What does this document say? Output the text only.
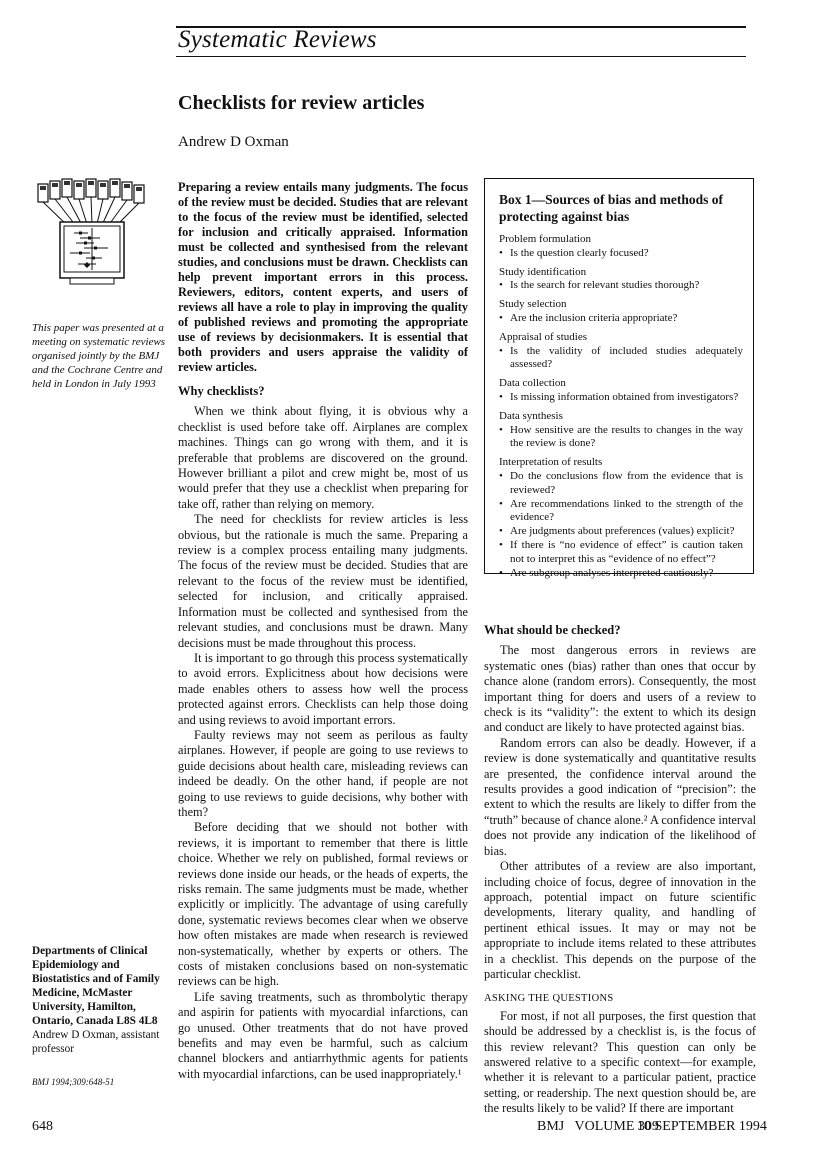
Systematic Reviews
Checklists for review articles
Andrew D Oxman
This paper was presented at a meeting on systematic reviews organised jointly by the BMJ and the Cochrane Centre and held in London in July 1993
Preparing a review entails many judgments. The focus of the review must be decided. Studies that are relevant to the focus of the review must be identified, selected for inclusion and critically appraised. Information must be collected and synthesised from the relevant studies, and conclusions must be drawn. Checklists can help prevent important errors in this process. Reviewers, editors, content experts, and users of reviews all have a role to play in improving the quality of published reviews and promoting the appropriate use of reviews by decisionmakers. It is essential that both providers and users appraise the validity of review articles.
Why checklists?

When we think about flying, it is obvious why a checklist is used before take off. Airplanes are complex machines. Things can go wrong with them, and it is preferable that problems are discovered on the ground. However brilliant a pilot and crew might be, most of us would prefer that they use a checklist when preparing for take off, rather than relying on memory.

The need for checklists for review articles is less obvious, but the rationale is much the same. Preparing a review is a complex process entailing many judgments. The focus of the review must be decided. Studies that are relevant to the focus of the review must be identified, selected for inclusion, and critically appraised. Information must be collected and synthesised from the relevant studies, and conclusions must be drawn. Many decisions must be made throughout this process.

It is important to go through this process systematically to avoid errors. Explicitness about how decisions were made enables others to assess how well the process protected against errors. Checklists can help those doing and using reviews to avoid important errors.

Faulty reviews may not seem as perilous as faulty airplanes. However, if people are going to use reviews to guide decisions about health care, misleading reviews can indeed be deadly. On the other hand, if people are not going to use reviews to guide decisions, why bother with them?

Before deciding that we should not bother with reviews, it is important to remember that there is little choice. Whether we rely on published, formal reviews or reviews done inside our heads, or the heads of experts, the risks remain. The same judgments must be made, whether explicitly or implicitly. The advantage of using carefully done, systematic reviews becomes clear when we observe how often mistakes are made when research is reviewed non-systematically, whether by experts or others. The costs of mistaken conclusions based on non-systematic reviews can be high.

Life saving treatments, such as thrombolytic therapy and aspirin for patients with myocardial infarctions, can go unused. Other treatments that do not have proved benefits and may even be harmful, such as calcium channel blockers and antiarrhythmic agents for patients with myocardial infarctions, can be used inappropriately.¹

Box 1—Sources of bias and methods of protecting against bias
Problem formulation
• Is the question clearly focused?
Study identification
• Is the search for relevant studies thorough?
Study selection
• Are the inclusion criteria appropriate?
Appraisal of studies
• Is the validity of included studies adequately assessed?
Data collection
• Is missing information obtained from investigators?
Data synthesis
• How sensitive are the results to changes in the way the review is done?
Interpretation of results
• Do the conclusions flow from the evidence that is reviewed?
• Are recommendations linked to the strength of the evidence?
• Are judgments about preferences (values) explicit?
• If there is “no evidence of effect” is caution taken not to interpret this as “evidence of no effect”?
• Are subgroup analyses interpreted cautiously?
What should be checked?

The most dangerous errors in reviews are systematic ones (bias) rather than ones that occur by chance alone (random errors). Consequently, the most important thing for doers and users of a review to check is its “validity”: the extent to which its design and conduct are likely to have protected against bias.

Random errors can also be deadly. However, if a review is done systematically and quantitative results are presented, the confidence interval around the results provides a good indication of “precision”: the extent to which the results are likely to differ from the “truth” because of chance alone.² A confidence interval does not provide any indication of the likelihood of bias.

Other attributes of a review are also important, including choice of focus, degree of innovation in the approach, potential impact on future scientific developments, literary quality, and handling of pertinent ethical issues. It may or may not be appropriate to include items related to these attributes in a checklist. This depends on the purpose of the particular checklist.

ASKING THE QUESTIONS

For most, if not all purposes, the first question that should be addressed by a checklist is, is the focus of this review relevant? This question can only be answered relative to a specific context—for example, whether it is relevant to a particular patient, practice setting, or readership. The next question should be, are the results likely to be valid? If there are important

Departments of Clinical Epidemiology and Biostatistics and of Family Medicine, McMaster University, Hamilton, Ontario, Canada L8S 4L8
Andrew D Oxman, assistant professor
BMJ 1994;309:648-51
648	BMJ   VOLUME 309
10 SEPTEMBER 1994
